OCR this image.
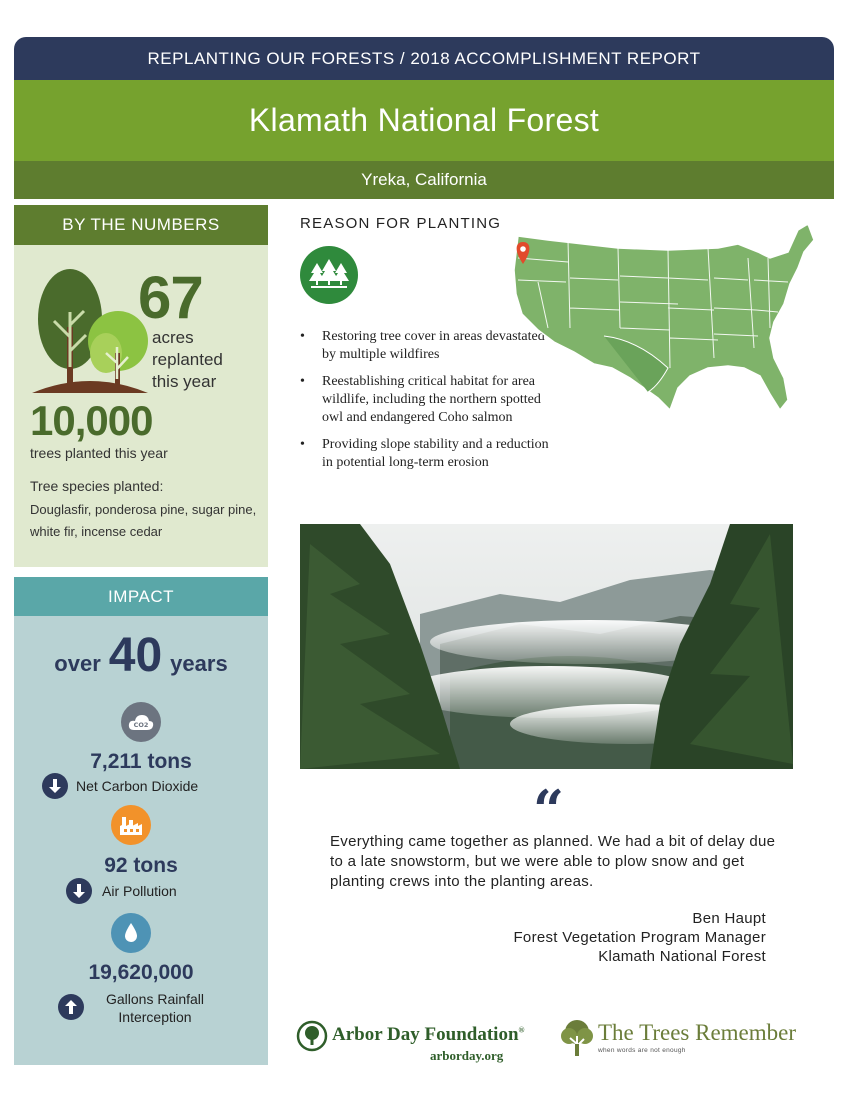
REPLANTING OUR FORESTS / 2018 ACCOMPLISHMENT REPORT
Klamath National Forest
Yreka, California
BY THE NUMBERS
67
acres
replanted
this year
10,000
trees planted this year
Tree species planted:
Douglasfir, ponderosa pine, sugar pine, white fir, incense cedar
IMPACT
over 40 years
CO2
7,211 tons
Net Carbon Dioxide
92 tons
Air Pollution
19,620,000
Gallons Rainfall
Interception
REASON FOR PLANTING
• Restoring tree cover in areas devastated by multiple wildfires
• Reestablishing critical habitat for area wildlife, including the northern spotted owl and endangered Coho salmon
• Providing slope stability and a reduction in potential long-term erosion
“
Everything came together as planned. We had a bit of delay due to a late snowstorm, but we were able to plow snow and get planting crews into the planting areas.
Ben Haupt
Forest Vegetation Program Manager
Klamath National Forest
Arbor Day Foundation®
arborday.org
The Trees Remember
when words are not enough
